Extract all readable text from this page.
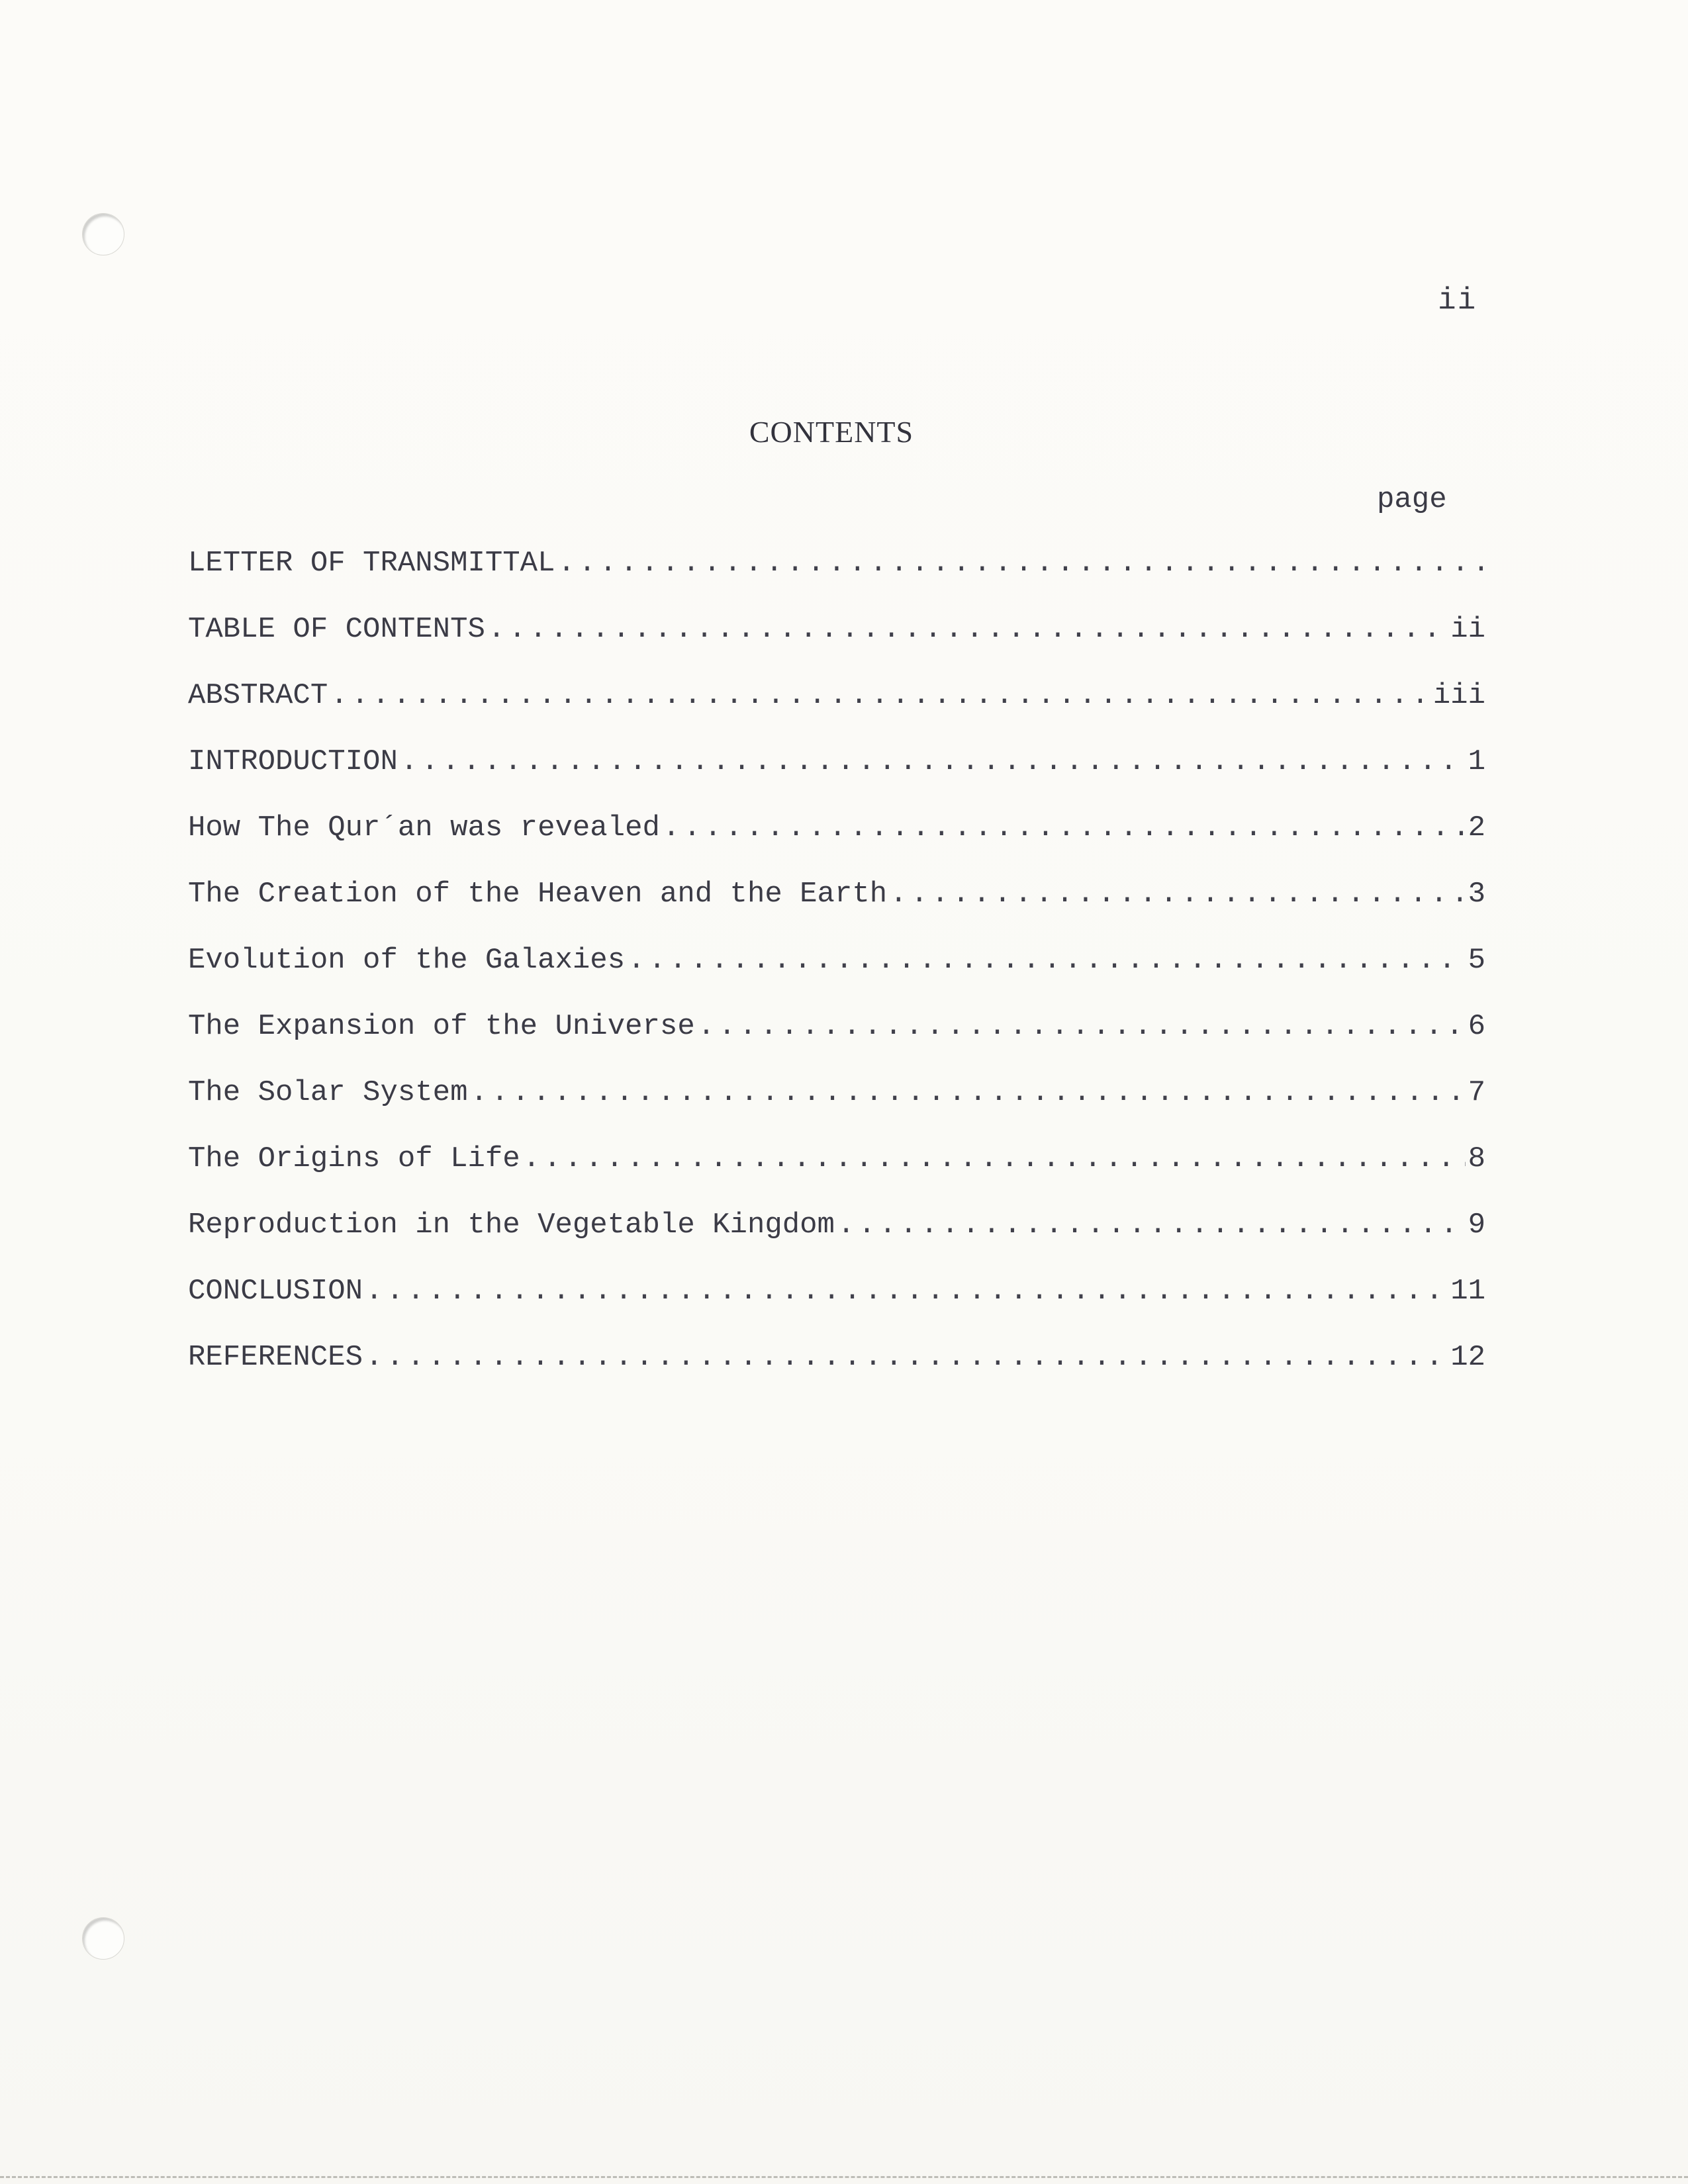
ii
CONTENTS
page
LETTER OF TRANSMITTAL
.....
TABLE OF CONTENTS .....	ii
ABSTRACT .....	iii
INTRODUCTION .....	1
How The Qur´an was revealed .....	2
The Creation of the Heaven and the Earth .....	3
Evolution of the Galaxies .....	5
The Expansion of the Universe .....	6
The Solar System .....	7
The Origins of Life .....	8
Reproduction in the Vegetable Kingdom .....	9
CONCLUSION .....	11
REFERENCES .....	12
